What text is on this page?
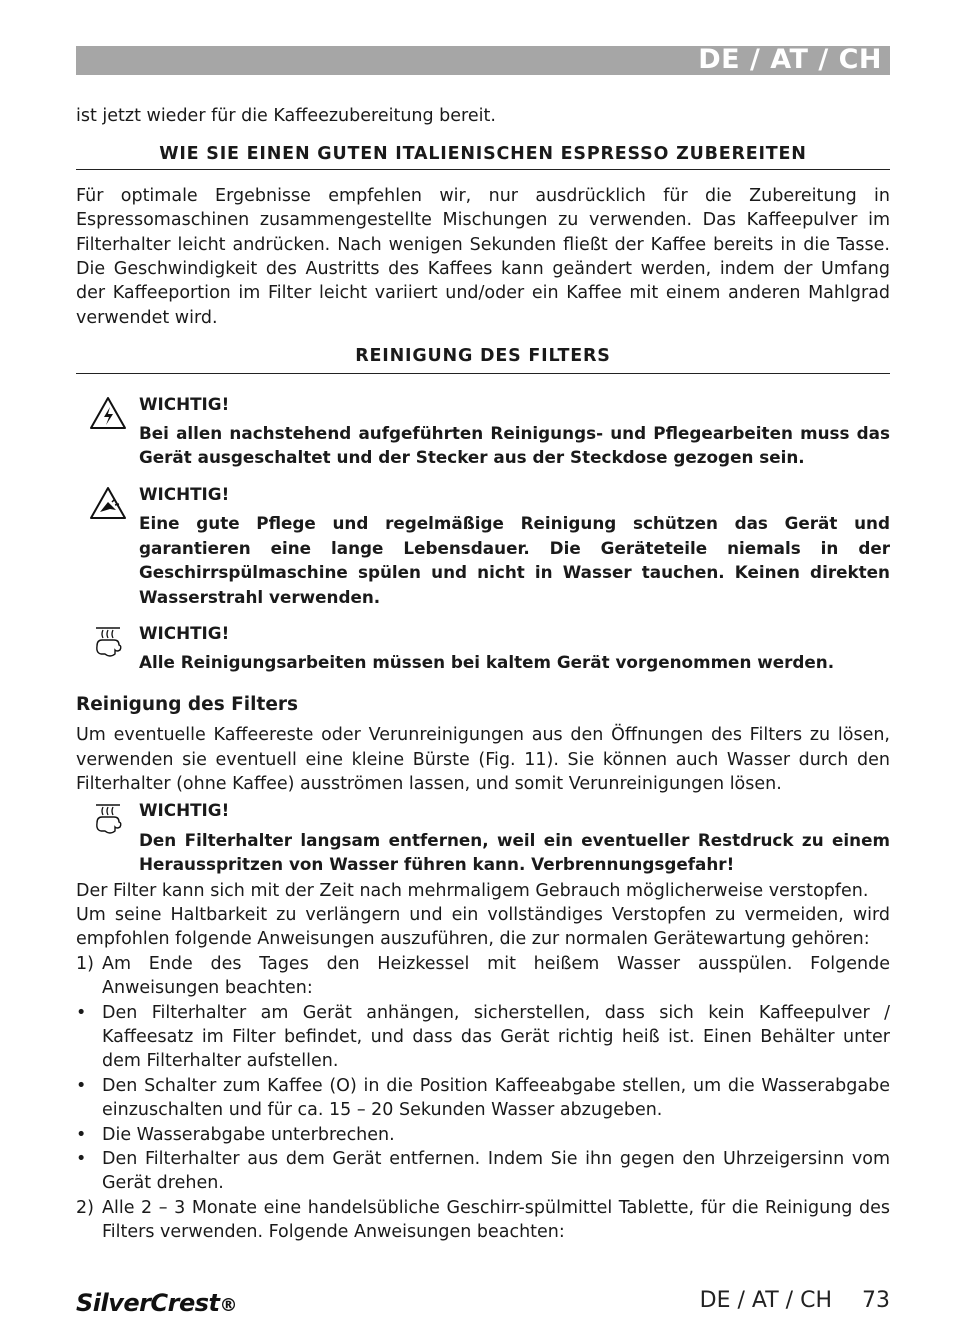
DE / AT / CH

ist jetzt wieder für die Kaffeezubereitung bereit.

WIE SIE EINEN GUTEN ITALIENISCHEN ESPRESSO ZUBEREITEN

Für optimale Ergebnisse empfehlen wir, nur ausdrücklich für die Zubereitung in Espressomaschinen zusammengestellte Mischungen zu verwenden. Das Kaffeepulver im Filterhalter leicht andrücken. Nach wenigen Sekunden fließt der Kaffee bereits in die Tasse. Die Geschwindigkeit des Austritts des Kaffees kann geändert werden, indem der Umfang der Kaffeeportion im Filter leicht variiert und/oder ein Kaffee mit einem anderen Mahlgrad verwendet wird.

REINIGUNG DES FILTERS
WICHTIG!
Bei allen nachstehend aufgeführten Reinigungs- und Pflegearbeiten muss das Gerät ausgeschaltet und der Stecker aus der Steckdose gezogen sein.
WICHTIG!
Eine gute Pflege und regelmäßige Reinigung schützen das Gerät und garantieren eine lange Lebensdauer. Die Geräteteile niemals in der Geschirrspülmaschine spülen und nicht in Wasser tauchen. Keinen direkten Wasserstrahl verwenden.
WICHTIG!
Alle Reinigungsarbeiten müssen bei kaltem Gerät vorgenommen werden.
Reinigung des Filters

Um eventuelle Kaffeereste oder Verunreinigungen aus den Öffnungen des Filters zu lösen, verwenden sie eventuell eine kleine Bürste (Fig. 11). Sie können auch Wasser durch den Filterhalter (ohne Kaffee) ausströmen lassen, und somit Verunreinigungen lösen.

WICHTIG!
Den Filterhalter langsam entfernen, weil ein eventueller Restdruck zu einem Herausspritzen von Wasser führen kann. Verbrennungsgefahr!

Der Filter kann sich mit der Zeit nach mehrmaligem Gebrauch möglicherweise verstopfen.

Um seine Haltbarkeit zu verlängern und ein vollständiges Verstopfen zu vermeiden, wird empfohlen folgende Anweisungen auszuführen, die zur normalen Gerätewartung gehören:

1) Am Ende des Tages den Heizkessel mit heißem Wasser ausspülen. Folgende Anweisungen beachten:
• Den Filterhalter am Gerät anhängen, sicherstellen, dass sich kein Kaffeepulver / Kaffeesatz im Filter befindet, und dass das Gerät richtig heiß ist. Einen Behälter unter dem Filterhalter aufstellen.
• Den Schalter zum Kaffee (O) in die Position Kaffeeabgabe stellen, um die Wasserabgabe einzuschalten und für ca. 15 – 20 Sekunden Wasser abzugeben.
• Die Wasserabgabe unterbrechen.
• Den Filterhalter aus dem Gerät entfernen. Indem Sie ihn gegen den Uhrzeigersinn vom Gerät drehen.
2) Alle 2 – 3 Monate eine handelsübliche Geschirr-spülmittel Tablette, für die Reinigung des Filters verwenden. Folgende Anweisungen beachten:
SilverCrest®	DE / AT / CH 73
